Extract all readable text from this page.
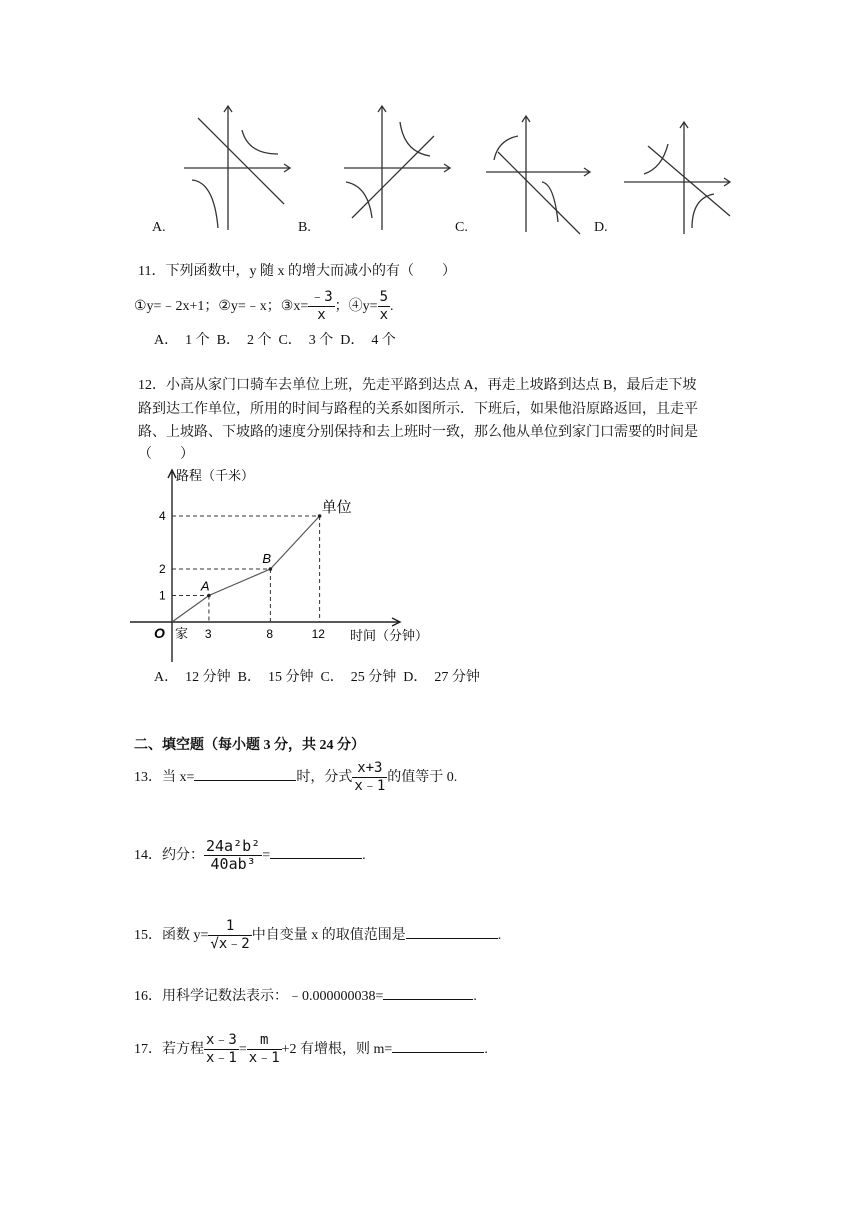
A.	B.	C.	D.
11．下列函数中，y 随 x 的增大而减小的有（　　）
①y=﹣2x+1；②y=﹣x；③x= $\frac{﹣3}{x}$ ；④y= $\frac{5}{x}$ .
A．　1 个  B．　2 个  C．　3 个  D．　4 个
12．小高从家门口骑车去单位上班，先走平路到达点 A，再走上坡路到达点 B，最后走下坡
路到达工作单位，所用的时间与路程的关系如图所示．下班后，如果他沿原路返回，且走平
路、上坡路、下坡路的速度分别保持和去上班时一致，那么他从单位到家门口需要的时间是
（　　）
3
1
8
2
12
4
A
B
单位
路程（千米）
时间（分钟）
O 家
A．　12 分钟  B．　15 分钟  C．　25 分钟  D．　27 分钟
二、填空题（每小题 3 分，共 24 分）
13．当 x=	时，分式 $\frac{x+3}{x﹣1}$ 的值等于 0.
14．约分： $\frac{\text{24a²b²}}{\text{40ab³}}$ =	.
15．函数 $y= \frac{1}{√x﹣2}$ 中自变量 x 的取值范围是	.
16．用科学记数法表示：﹣0.000000038=	.
17．若方程 $\frac{x﹣3}{x﹣1} = \frac{m}{x﹣1} +2$ 有增根，则 m=	.
